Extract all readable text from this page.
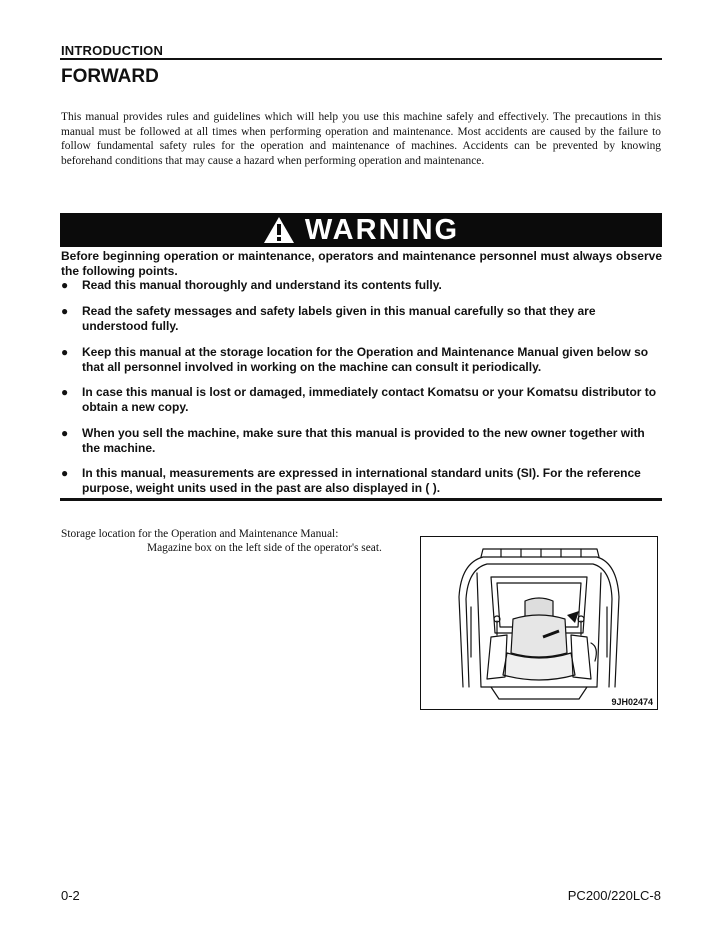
INTRODUCTION
FORWARD

This manual provides rules and guidelines which will help you use this machine safely and effectively. The precautions in this manual must be followed at all times when performing operation and maintenance. Most accidents are caused by the failure to follow fundamental safety rules for the operation and maintenance of machines. Accidents can be prevented by knowing beforehand conditions that may cause a hazard when performing operation and maintenance.

WARNING

Before beginning operation or maintenance, operators and maintenance personnel must always observe the following points.

●	Read this manual thoroughly and understand its contents fully.
●	Read the safety messages and safety labels given in this manual carefully so that they are understood fully.
●	Keep this manual at the storage location for the Operation and Maintenance Manual given below so that all personnel involved in working on the machine can consult it periodically.
●	In case this manual is lost or damaged, immediately contact Komatsu or your Komatsu distributor to obtain a new copy.
●	When you sell the machine, make sure that this manual is provided to the new owner together with the machine.
●	In this manual, measurements are expressed in international standard units (SI). For the reference purpose, weight units used in the past are also displayed in ( ).
Storage location for the Operation and Maintenance Manual:
Magazine box on the left side of the operator's seat.
9JH02474
0-2	PC200/220LC-8
